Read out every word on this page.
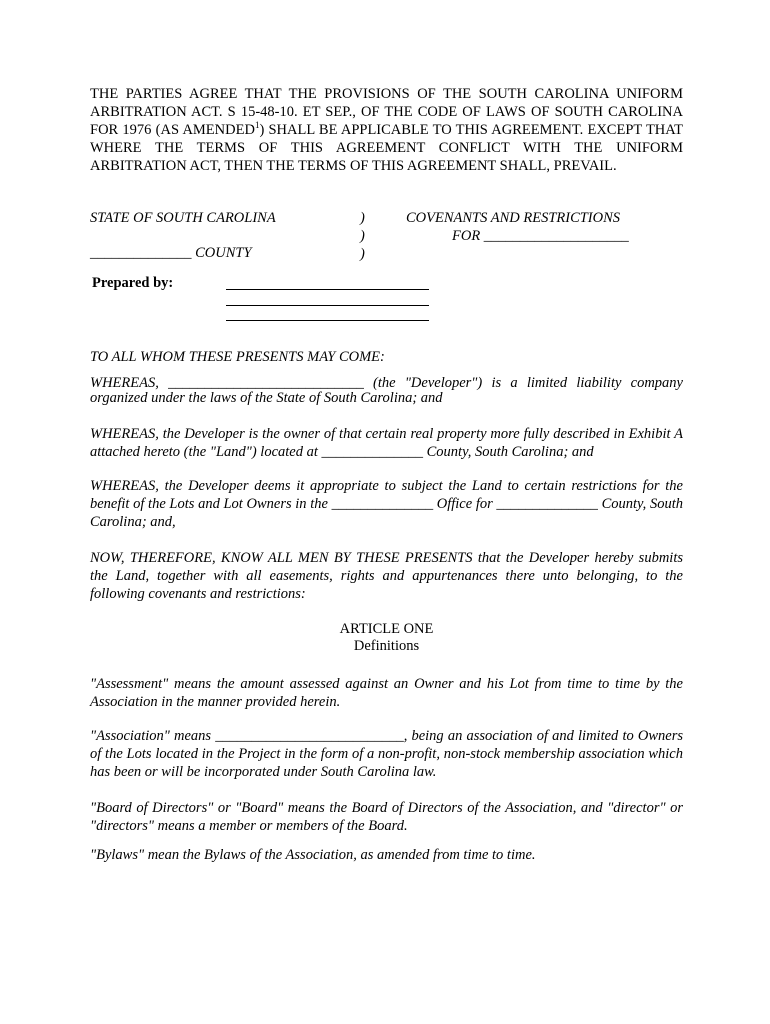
THE PARTIES AGREE THAT THE PROVISIONS OF THE SOUTH CAROLINA UNIFORM ARBITRATION ACT. S 15-48-10. ET SEP., OF THE CODE OF LAWS OF SOUTH CAROLINA FOR 1976 (AS AMENDED$^1$) SHALL BE APPLICABLE TO THIS AGREEMENT. EXCEPT THAT WHERE THE TERMS OF THIS AGREEMENT CONFLICT WITH THE UNIFORM ARBITRATION ACT, THEN THE TERMS OF THIS AGREEMENT SHALL, PREVAIL.

STATE OF SOUTH CAROLINA
______________ COUNTY
)
)
)
COVENANTS AND RESTRICTIONS
FOR ____________________
Prepared by:

TO ALL WHOM THESE PRESENTS MAY COME:

WHEREAS, ___________________________ (the "Developer") is a limited liability company organized under the laws of the State of South Carolina; and

WHEREAS, the Developer is the owner of that certain real property more fully described in Exhibit A attached hereto (the "Land") located at ______________ County, South Carolina; and

WHEREAS, the Developer deems it appropriate to subject the Land to certain restrictions for the benefit of the Lots and Lot Owners in the ______________ Office for ______________ County, South Carolina; and,

NOW, THEREFORE, KNOW ALL MEN BY THESE PRESENTS that the Developer hereby submits the Land, together with all easements, rights and appurtenances there unto belonging, to the following covenants and restrictions:

ARTICLE ONE
Definitions

"Assessment" means the amount assessed against an Owner and his Lot from time to time by the Association in the manner provided herein.

"Association" means __________________________, being an association of and limited to Owners of the Lots located in the Project in the form of a non-profit, non-stock membership association which has been or will be incorporated under South Carolina law.

"Board of Directors" or "Board" means the Board of Directors of the Association, and "director" or "directors" means a member or members of the Board.

"Bylaws" mean the Bylaws of the Association, as amended from time to time.
